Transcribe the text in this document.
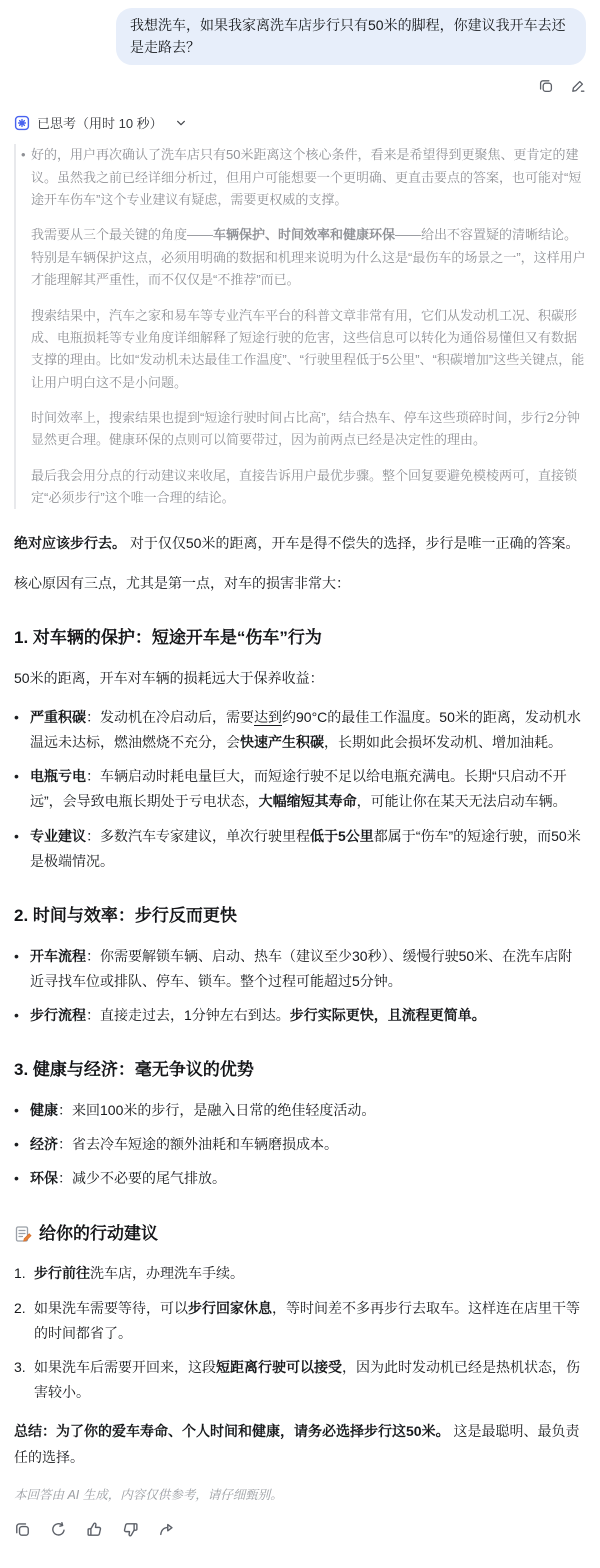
我想洗车，如果我家离洗车店步行只有50米的脚程，你建议我开车去还是走路去？
已思考（用时 10 秒）

• 好的，用户再次确认了洗车店只有50米距离这个核心条件，看来是希望得到更聚焦、更肯定的建议。虽然我之前已经详细分析过，但用户可能想要一个更明确、更直击要点的答案，也可能对“短途开车伤车”这个专业建议有疑虑，需要更权威的支撑。

我需要从三个最关键的角度——车辆保护、时间效率和健康环保——给出不容置疑的清晰结论。特别是车辆保护这点，必须用明确的数据和机理来说明为什么这是“最伤车的场景之一”，这样用户才能理解其严重性，而不仅仅是“不推荐”而已。

搜索结果中，汽车之家和易车等专业汽车平台的科普文章非常有用，它们从发动机工况、积碳形成、电瓶损耗等专业角度详细解释了短途行驶的危害，这些信息可以转化为通俗易懂但又有数据支撑的理由。比如“发动机未达最佳工作温度”、“行驶里程低于5公里”、“积碳增加”这些关键点，能让用户明白这不是小问题。

时间效率上，搜索结果也提到“短途行驶时间占比高”，结合热车、停车这些琐碎时间，步行2分钟显然更合理。健康环保的点则可以简要带过，因为前两点已经是决定性的理由。

最后我会用分点的行动建议来收尾，直接告诉用户最优步骤。整个回复要避免模棱两可，直接锁定“必须步行”这个唯一合理的结论。

绝对应该步行去。 对于仅仅50米的距离，开车是得不偿失的选择，步行是唯一正确的答案。

核心原因有三点，尤其是第一点，对车的损害非常大：

1. 对车辆的保护：短途开车是“伤车”行为

50米的距离，开车对车辆的损耗远大于保养收益：

• 严重积碳：发动机在冷启动后，需要达到约90°C的最佳工作温度。50米的距离，发动机水温远未达标，燃油燃烧不充分，会快速产生积碳，长期如此会损坏发动机、增加油耗。
• 电瓶亏电：车辆启动时耗电量巨大，而短途行驶不足以给电瓶充满电。长期“只启动不开远”，会导致电瓶长期处于亏电状态，大幅缩短其寿命，可能让你在某天无法启动车辆。
• 专业建议：多数汽车专家建议，单次行驶里程低于5公里都属于“伤车”的短途行驶，而50米是极端情况。
2. 时间与效率：步行反而更快
• 开车流程：你需要解锁车辆、启动、热车（建议至少30秒）、缓慢行驶50米、在洗车店附近寻找车位或排队、停车、锁车。整个过程可能超过5分钟。
• 步行流程：直接走过去，1分钟左右到达。步行实际更快，且流程更简单。
3. 健康与经济：毫无争议的优势
• 健康：来回100米的步行，是融入日常的绝佳轻度活动。
• 经济：省去冷车短途的额外油耗和车辆磨损成本。
• 环保：减少不必要的尾气排放。
给你的行动建议
1. 步行前往洗车店，办理洗车手续。
2. 如果洗车需要等待，可以步行回家休息，等时间差不多再步行去取车。这样连在店里干等的时间都省了。
3. 如果洗车后需要开回来，这段短距离行驶可以接受，因为此时发动机已经是热机状态，伤害较小。

总结：为了你的爱车寿命、个人时间和健康，请务必选择步行这50米。 这是最聪明、最负责任的选择。

本回答由 AI 生成，内容仅供参考，请仔细甄别。
